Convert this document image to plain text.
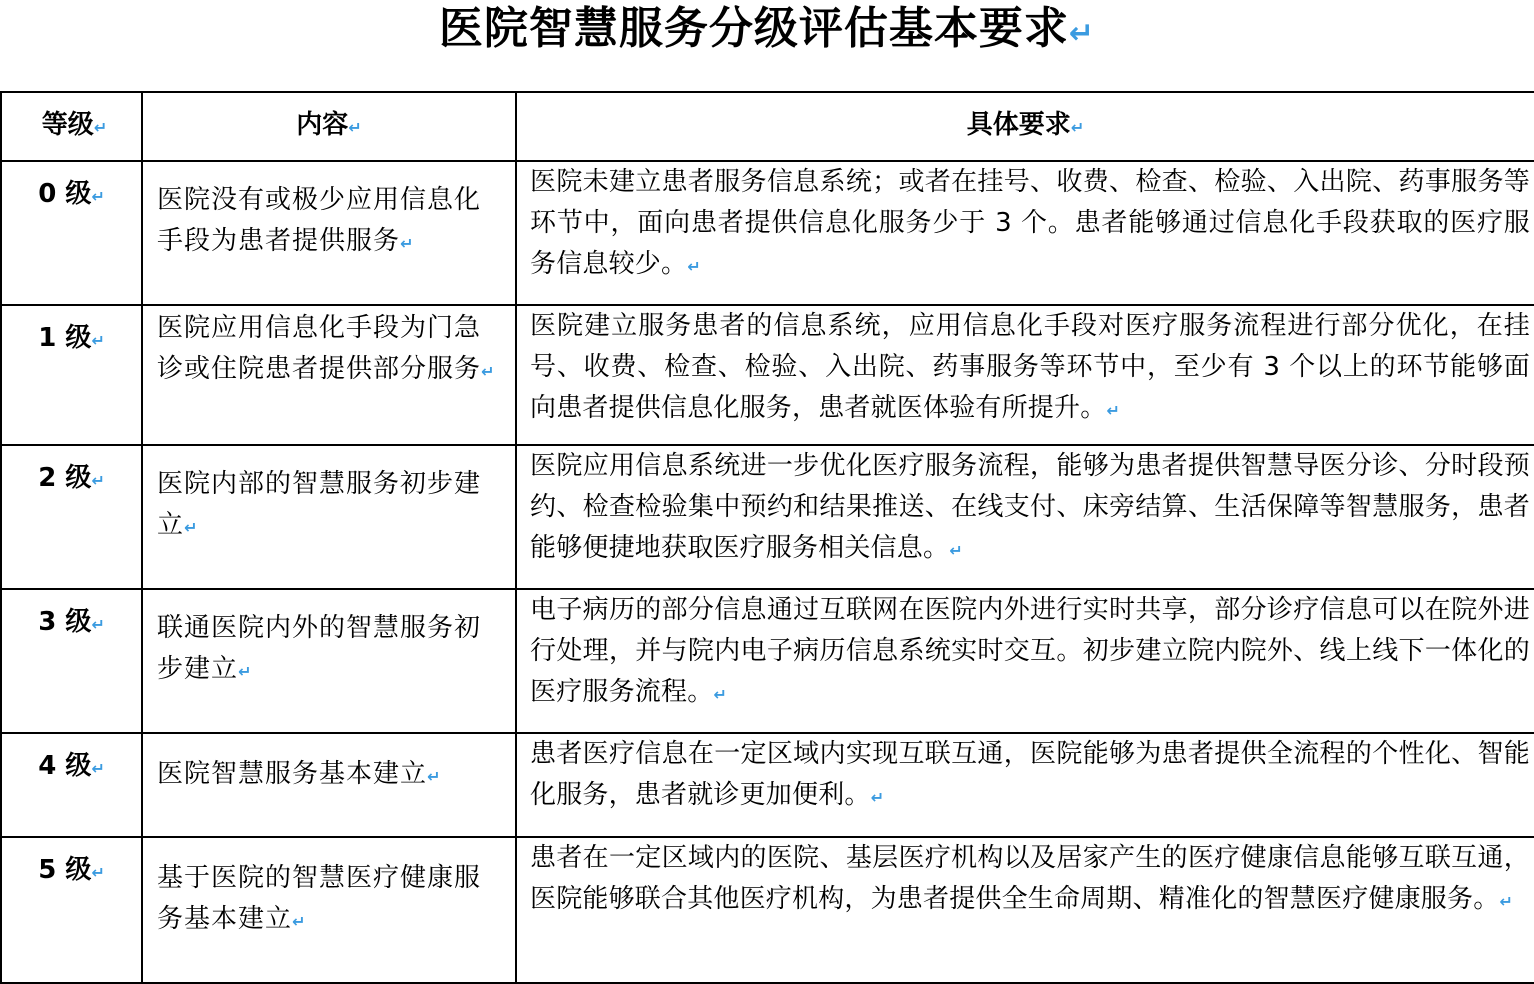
医院智慧服务分级评估基本要求↵
等级↵	内容↵	具体要求↵
0 级↵	医院没有或极少应用信息化手段为患者提供服务↵	医院未建立患者服务信息系统；或者在挂号、收费、检查、检验、入出院、药事服务等环节中，面向患者提供信息化服务少于 3 个。患者能够通过信息化手段获取的医疗服务信息较少。↵
1 级↵	医院应用信息化手段为门急诊或住院患者提供部分服务↵	医院建立服务患者的信息系统，应用信息化手段对医疗服务流程进行部分优化，在挂号、收费、检查、检验、入出院、药事服务等环节中，至少有 3 个以上的环节能够面向患者提供信息化服务，患者就医体验有所提升。↵
2 级↵	医院内部的智慧服务初步建立↵	医院应用信息系统进一步优化医疗服务流程，能够为患者提供智慧导医分诊、分时段预约、检查检验集中预约和结果推送、在线支付、床旁结算、生活保障等智慧服务，患者能够便捷地获取医疗服务相关信息。↵
3 级↵	联通医院内外的智慧服务初步建立↵	电子病历的部分信息通过互联网在医院内外进行实时共享，部分诊疗信息可以在院外进行处理，并与院内电子病历信息系统实时交互。初步建立院内院外、线上线下一体化的医疗服务流程。↵
4 级↵	医院智慧服务基本建立↵	患者医疗信息在一定区域内实现互联互通，医院能够为患者提供全流程的个性化、智能化服务，患者就诊更加便利。↵
5 级↵	基于医院的智慧医疗健康服务基本建立↵	患者在一定区域内的医院、基层医疗机构以及居家产生的医疗健康信息能够互联互通，医院能够联合其他医疗机构，为患者提供全生命周期、精准化的智慧医疗健康服务。↵
